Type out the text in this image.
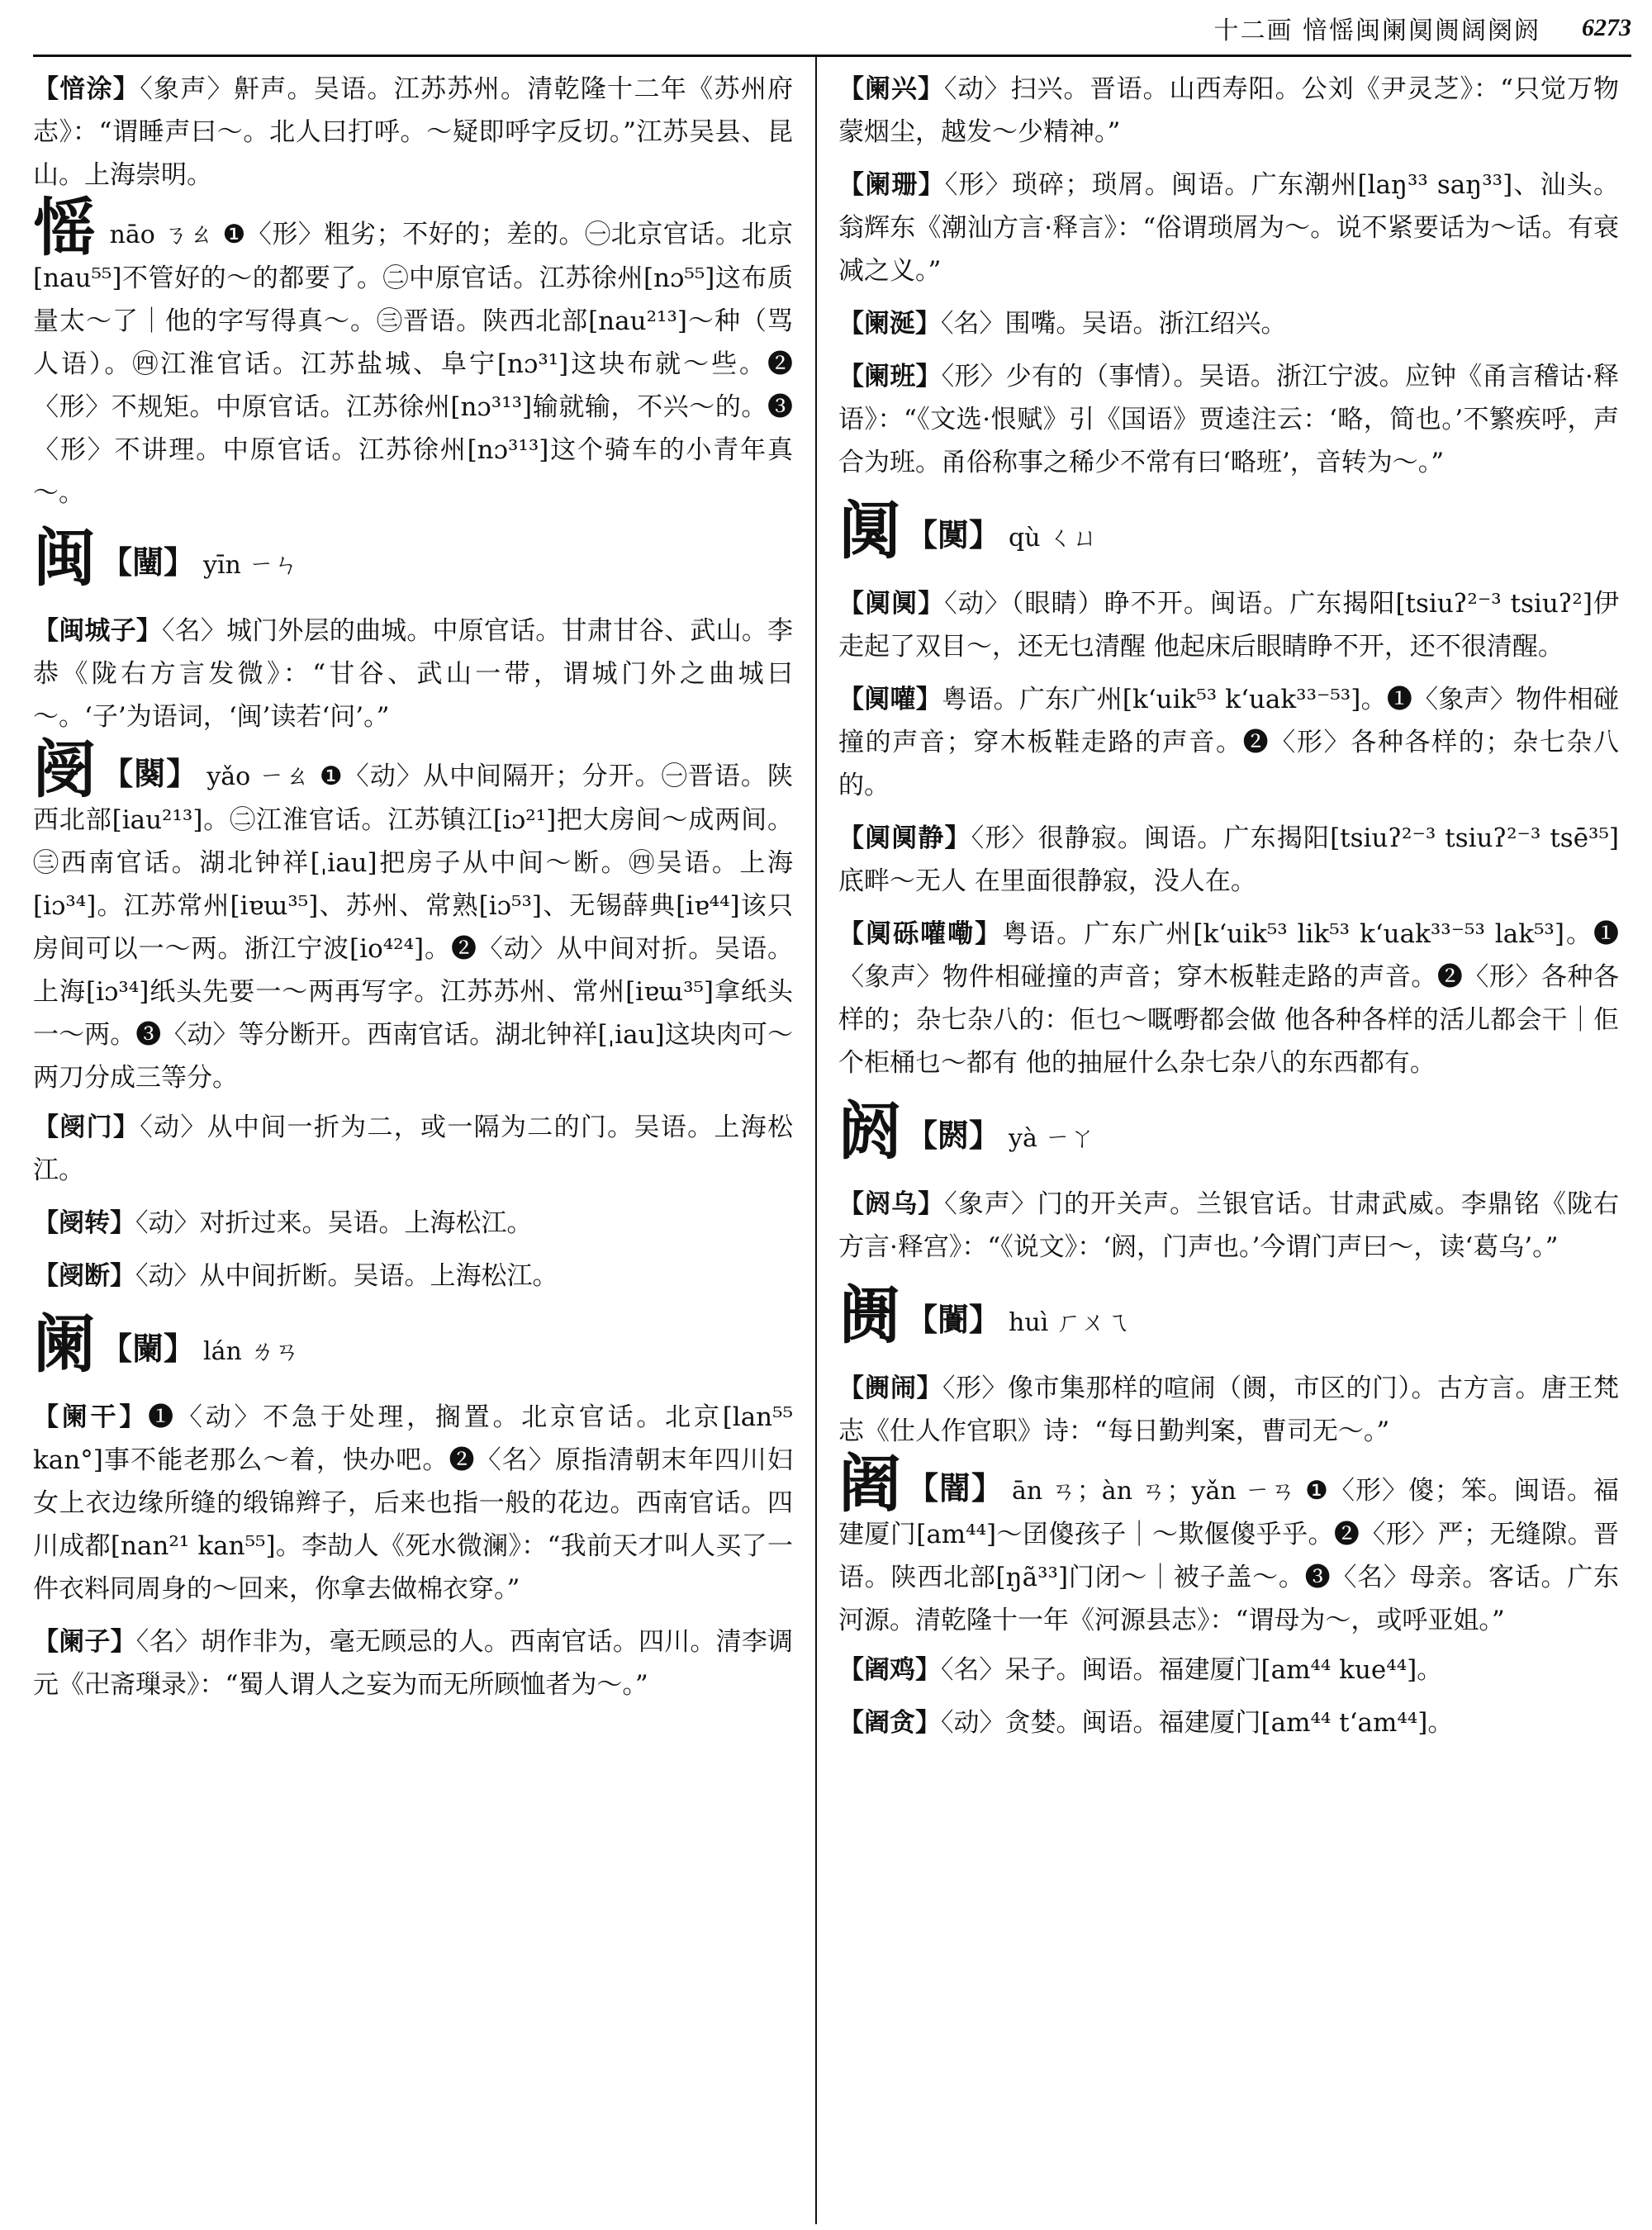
十二画 愔愮闽阑阒阓阔阕阏 6273
【愔涂】〈象声〉鼾声。吴语。江苏苏州。清乾隆十二年《苏州府志》：“谓睡声曰～。北人曰打呼。～疑即呼字反切。”江苏吴县、昆山。上海崇明。
愮nāo ㄋㄠ ❶〈形〉粗劣；不好的；差的。㊀北京官话。北京[nau⁵⁵]不管好的～的都要了。㊁中原官话。江苏徐州[nɔ⁵⁵]这布质量太～了｜他的字写得真～。㊂晋语。陕西北部[nau²¹³]～种（骂人语）。㊃江淮官话。江苏盐城、阜宁[nɔ³¹]这块布就～些。❷〈形〉不规矩。中原官话。江苏徐州[nɔ³¹³]输就输，不兴～的。❸〈形〉不讲理。中原官话。江苏徐州[nɔ³¹³]这个骑车的小青年真～。
闽 【闉】 yīn ㄧㄣ
【闽城子】〈名〉城门外层的曲城。中原官话。甘肃甘谷、武山。李恭《陇右方言发微》：“甘谷、武山一带，谓城门外之曲城曰～。‘子’为语词，‘闽’读若‘问’。”
阌 【闋】 yǎo ㄧㄠ ❶〈动〉从中间隔开；分开。㊀晋语。陕西北部[iau²¹³]。㊁江淮官话。江苏镇江[iɔ²¹]把大房间～成两间。㊂西南官话。湖北钟祥[ˌiau]把房子从中间～断。㊃吴语。上海[iɔ³⁴]。江苏常州[iɐɯ³⁵]、苏州、常熟[iɔ⁵³]、无锡薛典[iɐ⁴⁴]该只房间可以一～两。浙江宁波[io⁴²⁴]。❷〈动〉从中间对折。吴语。上海[iɔ³⁴]纸头先要一～两再写字。江苏苏州、常州[iɐɯ³⁵]拿纸头一～两。❸〈动〉等分断开。西南官话。湖北钟祥[ˌiau]这块肉可～两刀分成三等分。
【阌门】〈动〉从中间一折为二，或一隔为二的门。吴语。上海松江。
【阌转】〈动〉对折过来。吴语。上海松江。
【阌断】〈动〉从中间折断。吴语。上海松江。
阑 【闌】 lán ㄌㄢ
【阑干】❶〈动〉不急于处理，搁置。北京官话。北京[lan⁵⁵ kan°]事不能老那么～着，快办吧。❷〈名〉原指清朝末年四川妇女上衣边缘所缝的缎锦辫子，后来也指一般的花边。西南官话。四川成都[nan²¹ kan⁵⁵]。李劼人《死水微澜》：“我前天才叫人买了一件衣料同周身的～回来，你拿去做棉衣穿。”
【阑子】〈名〉胡作非为，毫无顾忌的人。西南官话。四川。清李调元《卍斋璅录》：“蜀人谓人之妄为而无所顾恤者为～。”
【阑兴】〈动〉扫兴。晋语。山西寿阳。公刘《尹灵芝》：“只觉万物蒙烟尘，越发～少精神。”
【阑珊】〈形〉琐碎；琐屑。闽语。广东潮州[laŋ³³ saŋ³³]、汕头。翁辉东《潮汕方言·释言》：“俗谓琐屑为～。说不紧要话为～话。有衰减之义。”
【阑涎】〈名〉围嘴。吴语。浙江绍兴。
【阑班】〈形〉少有的（事情）。吴语。浙江宁波。应钟《甬言稽诂·释语》：“《文选·恨赋》引《国语》贾逵注云：‘略，简也。’不繁疾呼，声合为班。甬俗称事之稀少不常有曰‘略班’，音转为～。”
阒 【闃】 qù ㄑㄩ
【阒阒】〈动〉（眼睛）睁不开。闽语。广东揭阳[tsiuʔ²⁻³ tsiuʔ²]伊走起了双目～，还无乜清醒 他起床后眼睛睁不开，还不很清醒。
【阒嚾】粤语。广东广州[kʻuik⁵³ kʻuak³³⁻⁵³]。❶〈象声〉物件相碰撞的声音；穿木板鞋走路的声音。❷〈形〉各种各样的；杂七杂八的。
【阒阒静】〈形〉很静寂。闽语。广东揭阳[tsiuʔ²⁻³ tsiuʔ²⁻³ tsē³⁵]底畔～无人 在里面很静寂，没人在。
【阒砾嚾嘞】粤语。广东广州[kʻuik⁵³ lik⁵³ kʻuak³³⁻⁵³ lak⁵³]。❶〈象声〉物件相碰撞的声音；穿木板鞋走路的声音。❷〈形〉各种各样的；杂七杂八的：佢乜～嘅嘢都会做 他各种各样的活儿都会干｜佢个柜桶乜～都有 他的抽屉什么杂七杂八的东西都有。
阏 【閼】 yà ㄧㄚ
【阏乌】〈象声〉门的开关声。兰银官话。甘肃武威。李鼎铭《陇右方言·释宫》：“《说文》：‘阏，门声也。’今谓门声曰～，读‘葛乌’。”
阓 【闠】 huì ㄏㄨㄟ
【阓闹】〈形〉像市集那样的喧闹（阓，市区的门）。古方言。唐王梵志《仕人作官职》诗：“每日勤判案，曹司无～。”
阇 【闇】 ān ㄢ；àn ㄢ；yǎn ㄧㄢ ❶〈形〉傻；笨。闽语。福建厦门[am⁴⁴]～囝傻孩子｜～欺偃傻乎乎。❷〈形〉严；无缝隙。晋语。陕西北部[ŋã³³]门闭～｜被子盖～。❸〈名〉母亲。客话。广东河源。清乾隆十一年《河源县志》：“谓母为～，或呼亚姐。”
【阇鸡】〈名〉呆子。闽语。福建厦门[am⁴⁴ kue⁴⁴]。
【阇贪】〈动〉贪婪。闽语。福建厦门[am⁴⁴ tʻam⁴⁴]。
